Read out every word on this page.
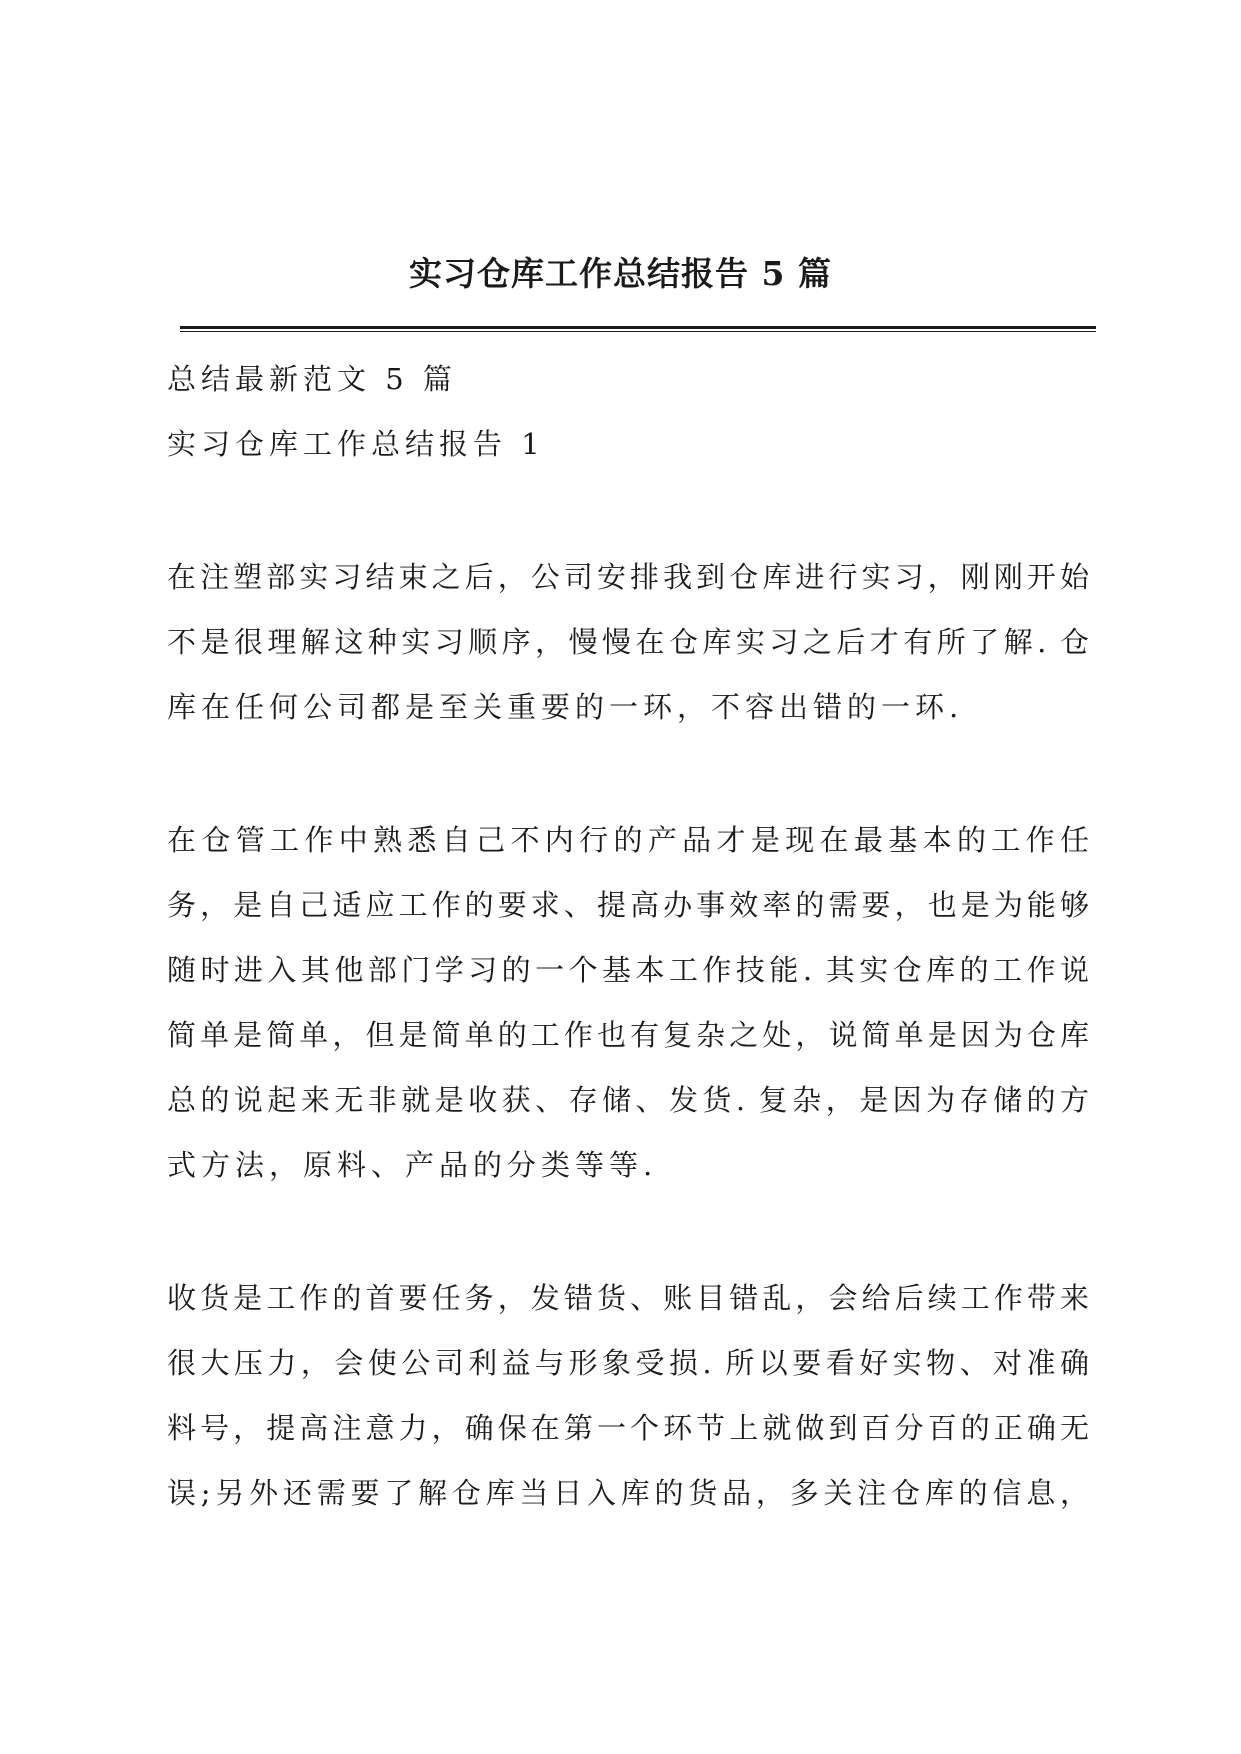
实习仓库工作总结报告 5 篇
总结最新范文 5 篇
实习仓库工作总结报告 1
在注塑部实习结束之后，公司安排我到仓库进行实习，刚刚开始
不是很理解这种实习顺序，慢慢在仓库实习之后才有所了解. 仓
库在任何公司都是至关重要的一环，不容出错的一环.
在仓管工作中熟悉自己不内行的产品才是现在最基本的工作任
务，是自己适应工作的要求、提高办事效率的需要，也是为能够
随时进入其他部门学习的一个基本工作技能. 其实仓库的工作说
简单是简单，但是简单的工作也有复杂之处，说简单是因为仓库
总的说起来无非就是收获、存储、发货. 复杂，是因为存储的方
式方法，原料、产品的分类等等.
收货是工作的首要任务，发错货、账目错乱，会给后续工作带来
很大压力，会使公司利益与形象受损. 所以要看好实物、对准确
料号，提高注意力，确保在第一个环节上就做到百分百的正确无
误;另外还需要了解仓库当日入库的货品，多关注仓库的信息，
